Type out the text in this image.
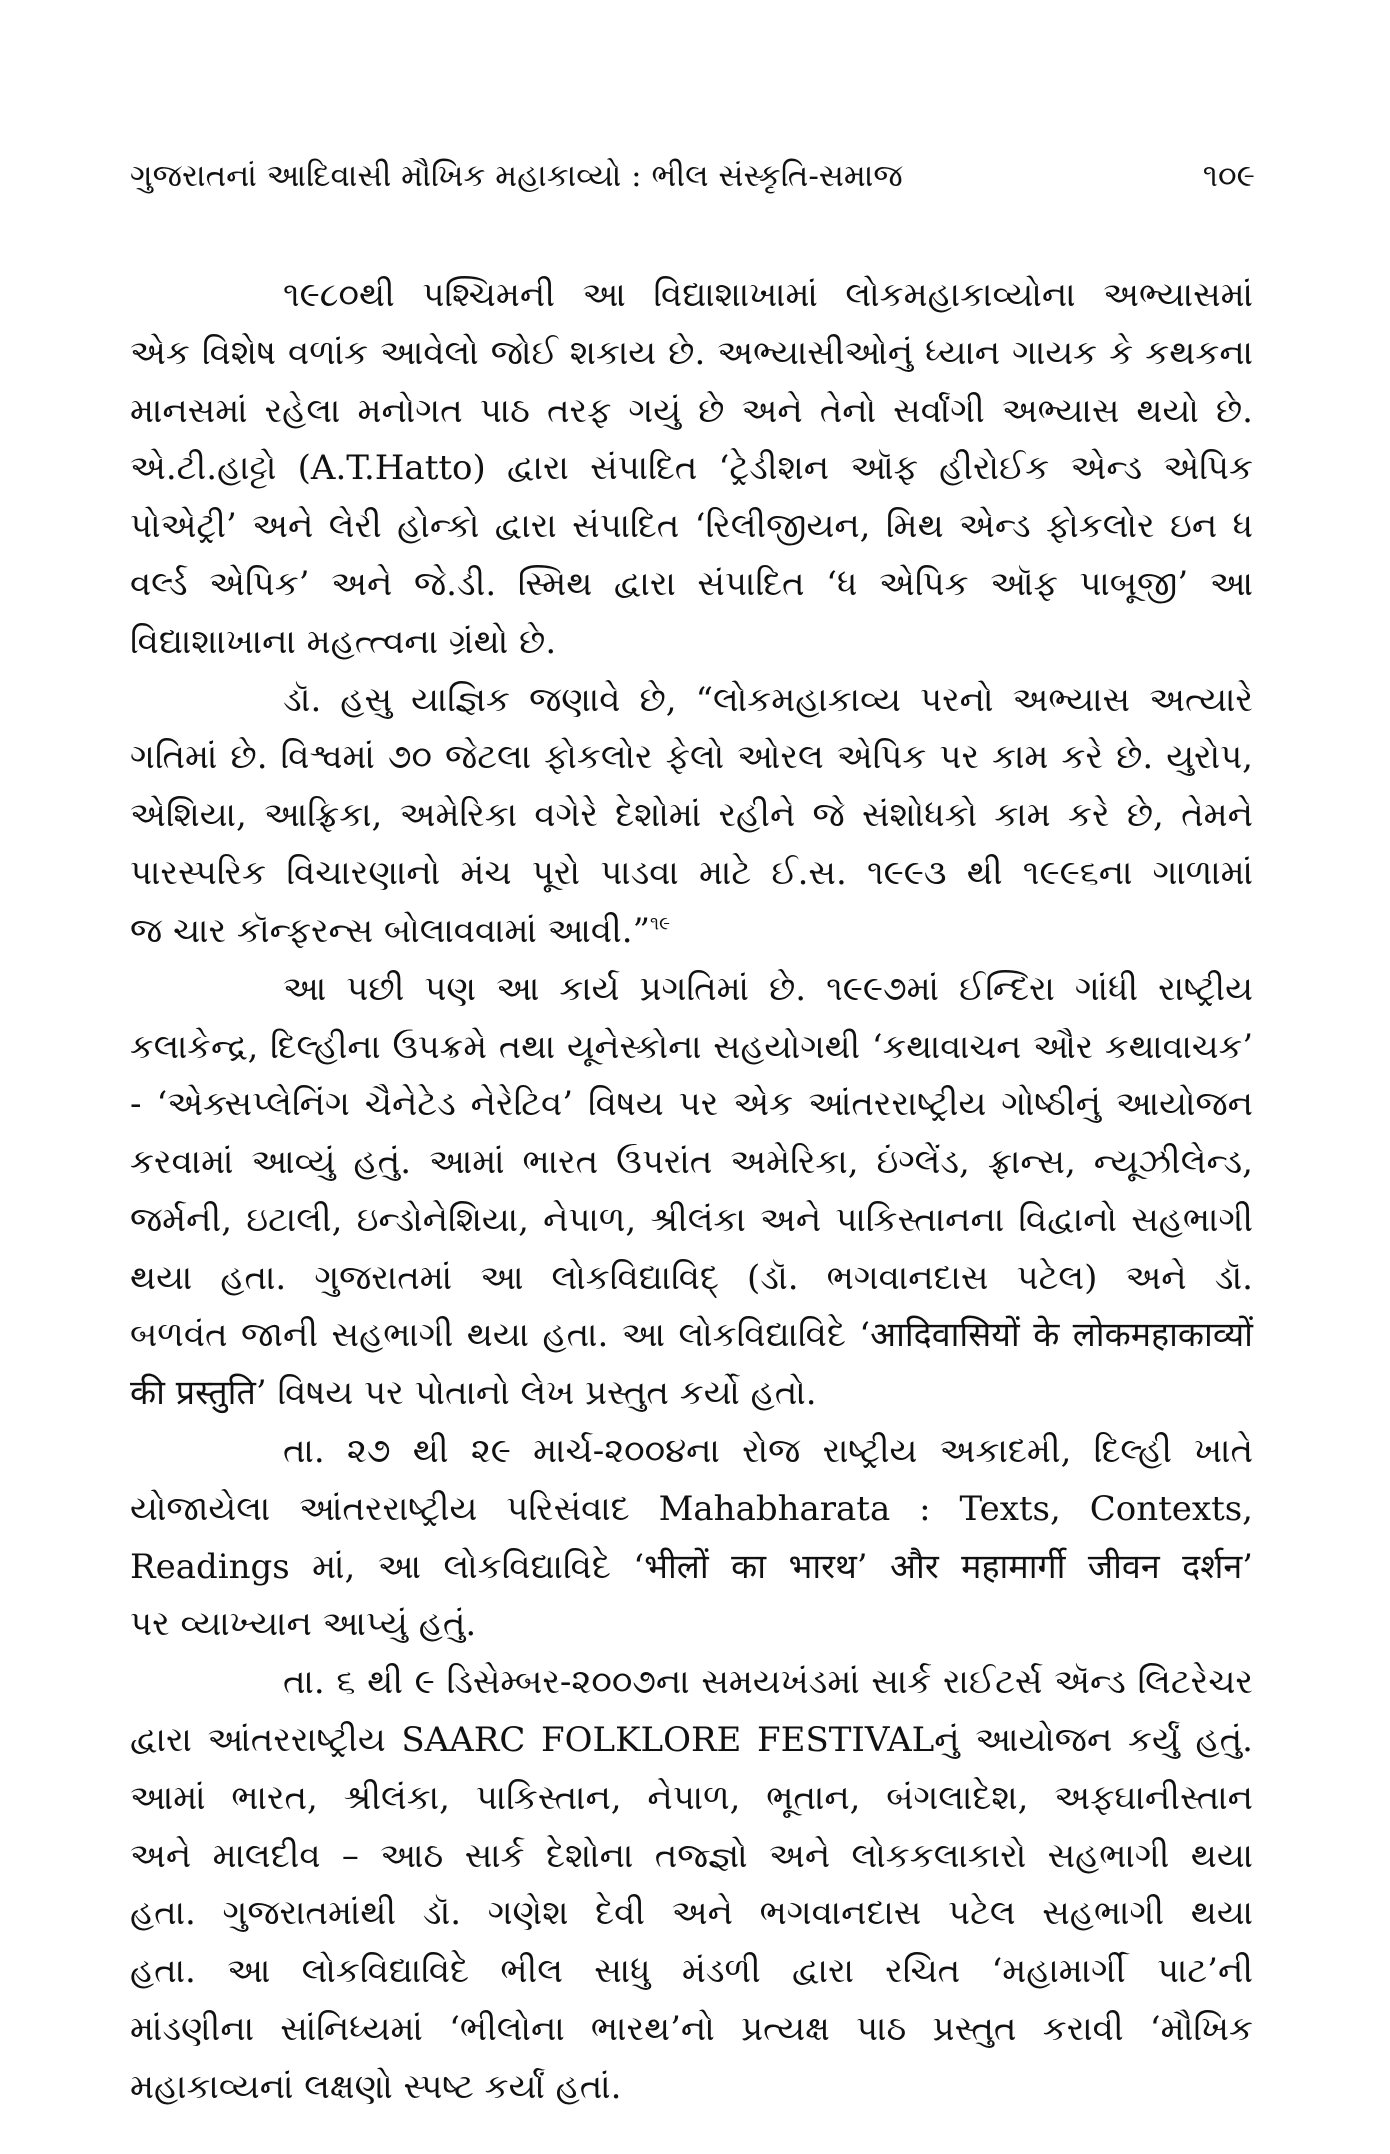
ગુજરાતનાં આદિવાસી મૌખિક મહાકાવ્યો : ભીલ સંસ્કૃતિ-સમાજ	૧૦૯
૧૯૮૦થી પશ્ચિમની આ વિદ્યાશાખામાં લોકમહાકાવ્યોના અભ્યાસમાં
એક વિશેષ વળાંક આવેલો જોઈ શકાય છે. અભ્યાસીઓનું ધ્યાન ગાયક કે કથકના
માનસમાં રહેલા મનોગત પાઠ તરફ ગયું છે અને તેનો સર્વાંગી અભ્યાસ થયો છે.
એ.ટી.હાટ્ટો (A.T.Hatto) દ્વારા સંપાદિત ‘ટ્રેડીશન ઑફ હીરોઈક એન્ડ એપિક
પોએટ્રી’ અને લેરી હોન્કો દ્વારા સંપાદિત ‘રિલીજીયન, મિથ એન્ડ ફોકલોર ઇન ધ
વર્લ્ડ એપિક’ અને જે.ડી. સ્મિથ દ્વારા સંપાદિત ‘ધ એપિક ઑફ પાબૂજી’ આ
વિદ્યાશાખાના મહત્ત્વના ગ્રંથો છે.
ડૉ. હસુ યાજ્ઞિક જણાવે છે, “લોકમહાકાવ્ય પરનો અભ્યાસ અત્યારે
ગતિમાં છે. વિશ્વમાં ૭૦ જેટલા ફોકલોર ફેલો ઓરલ એપિક પર કામ કરે છે. યુરોપ,
એશિયા, આફ્રિકા, અમેરિકા વગેરે દેશોમાં રહીને જે સંશોધકો કામ કરે છે, તેમને
પારસ્પરિક વિચારણાનો મંચ પૂરો પાડવા માટે ઈ.સ. ૧૯૯૩ થી ૧૯૯૬ના ગાળામાં
જ ચાર કૉન્ફરન્સ બોલાવવામાં આવી.”$^{૧૯}$
આ પછી પણ આ કાર્ય પ્રગતિમાં છે. ૧૯૯૭માં ઈન્દિરા ગાંધી રાષ્ટ્રીય
કલાકેન્દ્ર, દિલ્હીના ઉપક્રમે તથા યૂનેસ્કોના સહયોગથી ‘કથાવાચન ઔર કથાવાચક’
- ‘એક્સપ્લેનિંગ ચૈનેટેડ નેરેટિવ’ વિષય પર એક આંતરરાષ્ટ્રીય ગોષ્ઠીનું આયોજન
કરવામાં આવ્યું હતું. આમાં ભારત ઉપરાંત અમેરિકા, ઇંગ્લેંડ, ફ્રાન્સ, ન્યૂઝીલેન્ડ,
જર્મની, ઇટાલી, ઇન્ડોનેશિયા, નેપાળ, શ્રીલંકા અને પાકિસ્તાનના વિદ્વાનો સહભાગી
થયા હતા. ગુજરાતમાં આ લોકવિદ્યાવિદ્ (ડૉ. ભગવાનદાસ પટેલ) અને ડૉ.
બળવંત જાની સહભાગી થયા હતા. આ લોકવિદ્યાવિદે ‘आदिवासियों के लोकमहाकाव्यों
की प्रस्तुति’ વિષય પર પોતાનો લેખ પ્રસ્તુત કર્યો હતો.
તા. ૨૭ થી ૨૯ માર્ચ-૨૦૦૪ના રોજ રાષ્ટ્રીય અકાદમી, દિલ્હી ખાતે
યોજાયેલા આંતરરાષ્ટ્રીય પરિસંવાદ Mahabharata : Texts, Contexts,
Readings માં, આ લોકવિદ્યાવિદે ‘भीलों का भारथ’ और महामार्गी जीवन दर्शन’
પર વ્યાખ્યાન આપ્યું હતું.
તા. ૬ થી ૯ ડિસેમ્બર-૨૦૦૭ના સમયખંડમાં સાર્ક રાઈટર્સ ઍન્ડ લિટરેચર
દ્વારા આંતરરાષ્ટ્રીય SAARC FOLKLORE FESTIVALનું આયોજન કર્યું હતું.
આમાં ભારત, શ્રીલંકા, પાકિસ્તાન, નેપાળ, ભૂતાન, બંગલાદેશ, અફઘાનીસ્તાન
અને માલદીવ – આઠ સાર્ક દેશોના તજ્જ્ઞો અને લોકકલાકારો સહભાગી થયા
હતા. ગુજરાતમાંથી ડૉ. ગણેશ દેવી અને ભગવાનદાસ પટેલ સહભાગી થયા
હતા. આ લોકવિદ્યાવિદે ભીલ સાધુ મંડળી દ્વારા રચિત ‘મહામાર્ગી પાટ’ની
માંડણીના સાંનિધ્યમાં ‘ભીલોના ભારથ’નો પ્રત્યક્ષ પાઠ પ્રસ્તુત કરાવી ‘મૌખિક
મહાકાવ્યનાં લક્ષણો સ્પષ્ટ કર્યાં હતાં.
